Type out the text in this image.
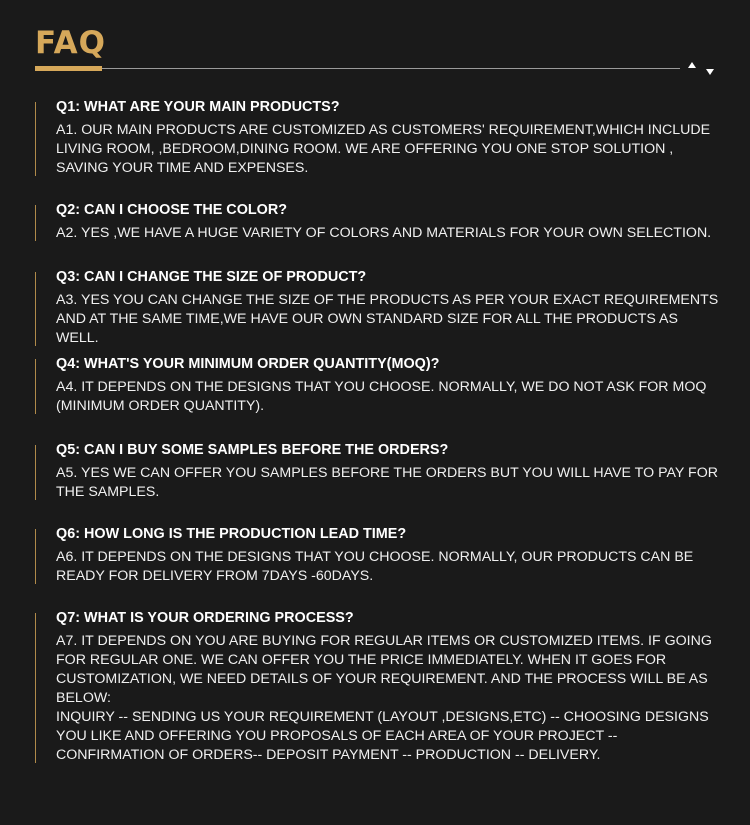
FAQ
Q1: WHAT ARE YOUR MAIN PRODUCTS?
A1. OUR MAIN PRODUCTS ARE CUSTOMIZED AS CUSTOMERS' REQUIREMENT,WHICH INCLUDE LIVING ROOM, ,BEDROOM,DINING ROOM. WE ARE OFFERING YOU ONE STOP SOLUTION , SAVING YOUR TIME AND EXPENSES.
Q2: CAN I CHOOSE THE COLOR?
A2. YES ,WE HAVE A HUGE VARIETY OF COLORS AND MATERIALS FOR YOUR OWN SELECTION.
Q3: CAN I CHANGE THE SIZE OF PRODUCT?
A3. YES YOU CAN CHANGE THE SIZE OF THE PRODUCTS AS PER YOUR EXACT REQUIREMENTS AND AT THE SAME TIME,WE HAVE OUR OWN STANDARD SIZE FOR ALL THE PRODUCTS AS WELL.
Q4: WHAT'S YOUR MINIMUM ORDER QUANTITY(MOQ)?
A4. IT DEPENDS ON THE DESIGNS THAT YOU CHOOSE. NORMALLY, WE DO NOT ASK FOR MOQ (MINIMUM ORDER QUANTITY).
Q5: CAN I BUY SOME SAMPLES BEFORE THE ORDERS?
A5. YES WE CAN OFFER YOU SAMPLES BEFORE THE ORDERS BUT YOU WILL HAVE TO PAY FOR THE SAMPLES.
Q6: HOW LONG IS THE PRODUCTION LEAD TIME?
A6. IT DEPENDS ON THE DESIGNS THAT YOU CHOOSE. NORMALLY, OUR PRODUCTS CAN BE READY FOR DELIVERY FROM 7DAYS -60DAYS.
Q7: WHAT IS YOUR ORDERING PROCESS?
A7. IT DEPENDS ON YOU ARE BUYING FOR REGULAR ITEMS OR CUSTOMIZED ITEMS. IF GOING FOR REGULAR ONE. WE CAN OFFER YOU THE PRICE IMMEDIATELY. WHEN IT GOES FOR CUSTOMIZATION, WE NEED DETAILS OF YOUR REQUIREMENT. AND THE PROCESS WILL BE AS BELOW:
INQUIRY -- SENDING US YOUR REQUIREMENT (LAYOUT ,DESIGNS,ETC) -- CHOOSING DESIGNS YOU LIKE AND OFFERING YOU PROPOSALS OF EACH AREA OF YOUR PROJECT -- CONFIRMATION OF ORDERS-- DEPOSIT PAYMENT -- PRODUCTION -- DELIVERY.
